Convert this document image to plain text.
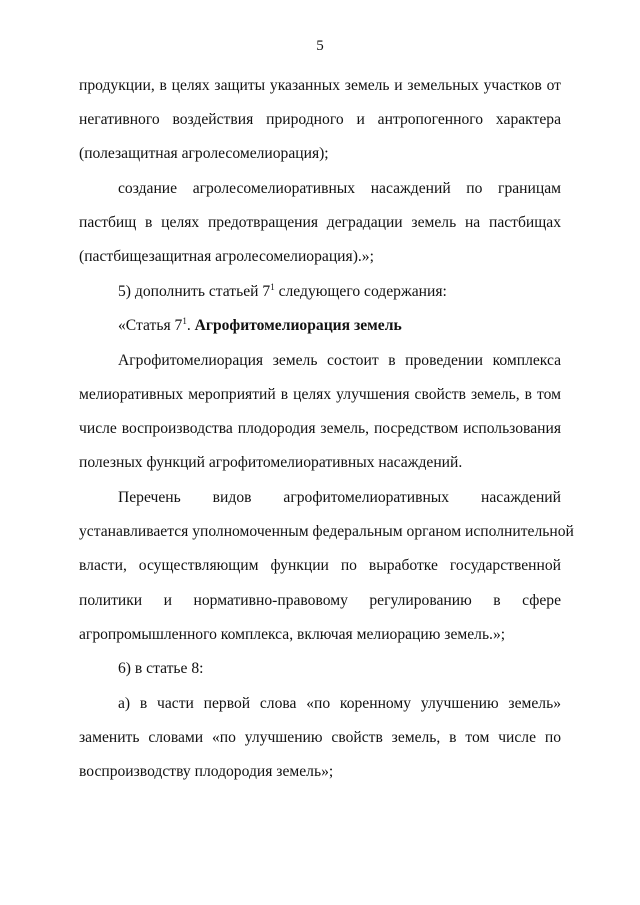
5
продукции, в целях защиты указанных земель и земельных участков от
негативного воздействия природного и антропогенного характера
(полезащитная агролесомелиорация);
создание агролесомелиоративных насаждений по границам
пастбищ в целях предотвращения деградации земель на пастбищах
(пастбищезащитная агролесомелиорация).»;
5) дополнить статьей $7^1$ следующего содержания:
«Статья $7^1$. Агрофитомелиорация земель
Агрофитомелиорация земель состоит в проведении комплекса
мелиоративных мероприятий в целях улучшения свойств земель, в том
числе воспроизводства плодородия земель, посредством использования
полезных функций агрофитомелиоративных насаждений.
Перечень видов агрофитомелиоративных насаждений
устанавливается уполномоченным федеральным органом исполнительной
власти, осуществляющим функции по выработке государственной
политики и нормативно-правовому регулированию в сфере
агропромышленного комплекса, включая мелиорацию земель.»;
6) в статье 8:
а) в части первой слова «по коренному улучшению земель»
заменить словами «по улучшению свойств земель, в том числе по
воспроизводству плодородия земель»;
